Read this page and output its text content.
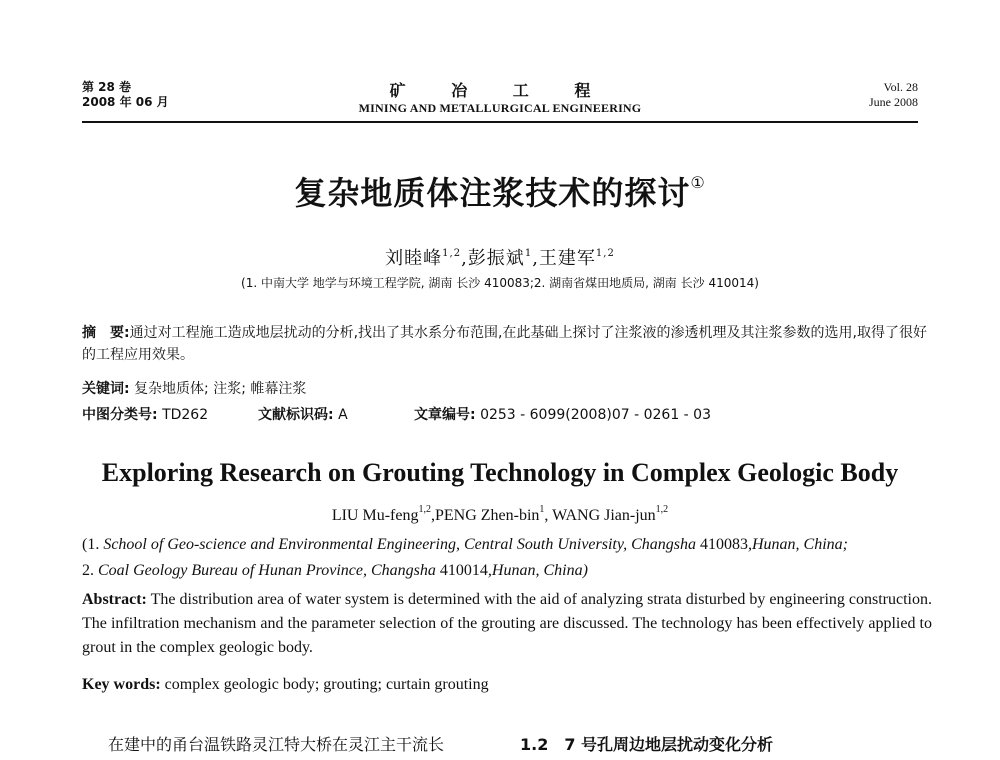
第 28 卷
2008 年 06 月
矿 冶 工 程
MINING AND METALLURGICAL ENGINEERING
Vol. 28
June 2008
复杂地质体注浆技术的探讨①
刘睦峰$^{1,2}$,彭振斌$^1$,王建军$^{1,2}$
(1. 中南大学 地学与环境工程学院, 湖南 长沙 410083;2. 湖南省煤田地质局, 湖南 长沙 410014)
摘　要:通过对工程施工造成地层扰动的分析,找出了其水系分布范围,在此基础上探讨了注浆液的渗透机理及其注浆参数的选用,取得了很好的工程应用效果。
关键词: 复杂地质体; 注浆; 帷幕注浆
中图分类号: TD262	文献标识码: A	文章编号: 0253 - 6099(2008)07 - 0261 - 03
Exploring Research on Grouting Technology in Complex Geologic Body
LIU Mu-feng$^{1,2}$,PENG Zhen-bin$^1$, WANG Jian-jun$^{1,2}$
(1. School of Geo-science and Environmental Engineering, Central South University, Changsha 410083,Hunan, China;
2. Coal Geology Bureau of Hunan Province, Changsha 410014,Hunan, China)
Abstract: The distribution area of water system is determined with the aid of analyzing strata disturbed by engineering construction. The infiltration mechanism and the parameter selection of the grouting are discussed. The technology has been effectively applied to grout in the complex geologic body.
Key words: complex geologic body; grouting; curtain grouting
在建中的甬台温铁路灵江特大桥在灵江主干流长	1.2　7 号孔周边地层扰动变化分析
